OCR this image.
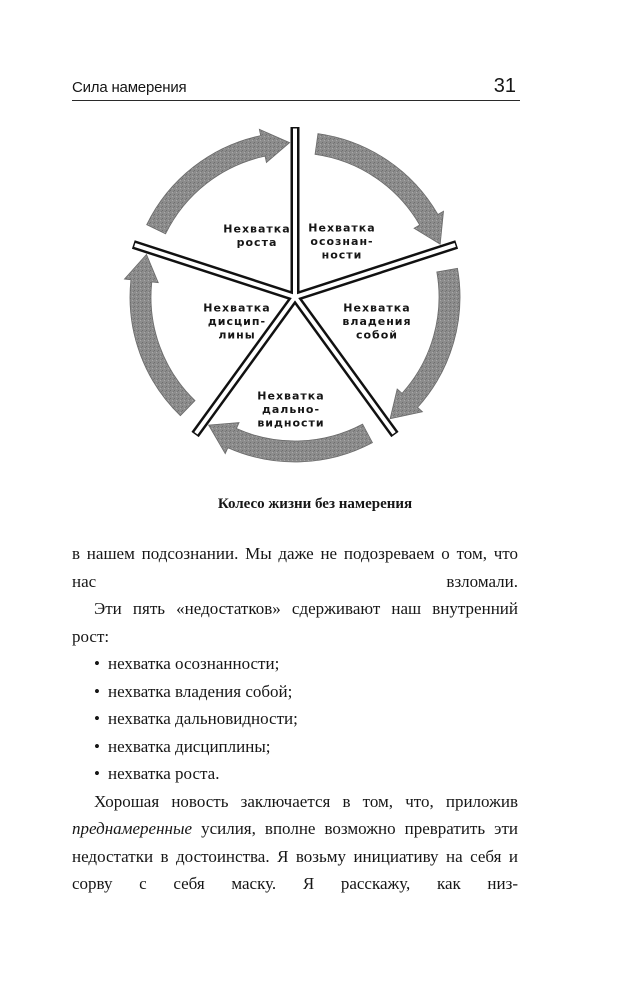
Сила намерения	31
Нехватка роста
Нехватка осознан-ности
Нехватка владения собой
Нехватка дально-видности
Нехватка дисцип-лины
Колесо жизни без намерения

в нашем подсознании. Мы даже не подозреваем о том, что нас взломали.

Эти пять «недостатков» сдерживают наш внутренний рост:

• нехватка осознанности;
• нехватка владения собой;
• нехватка дальновидности;
• нехватка дисциплины;
• нехватка роста.

Хорошая новость заключается в том, что, приложив преднамеренные усилия, вполне возможно превратить эти недостатки в достоинства. Я возьму инициативу на себя и сорву с себя маску. Я расскажу, как низ-
